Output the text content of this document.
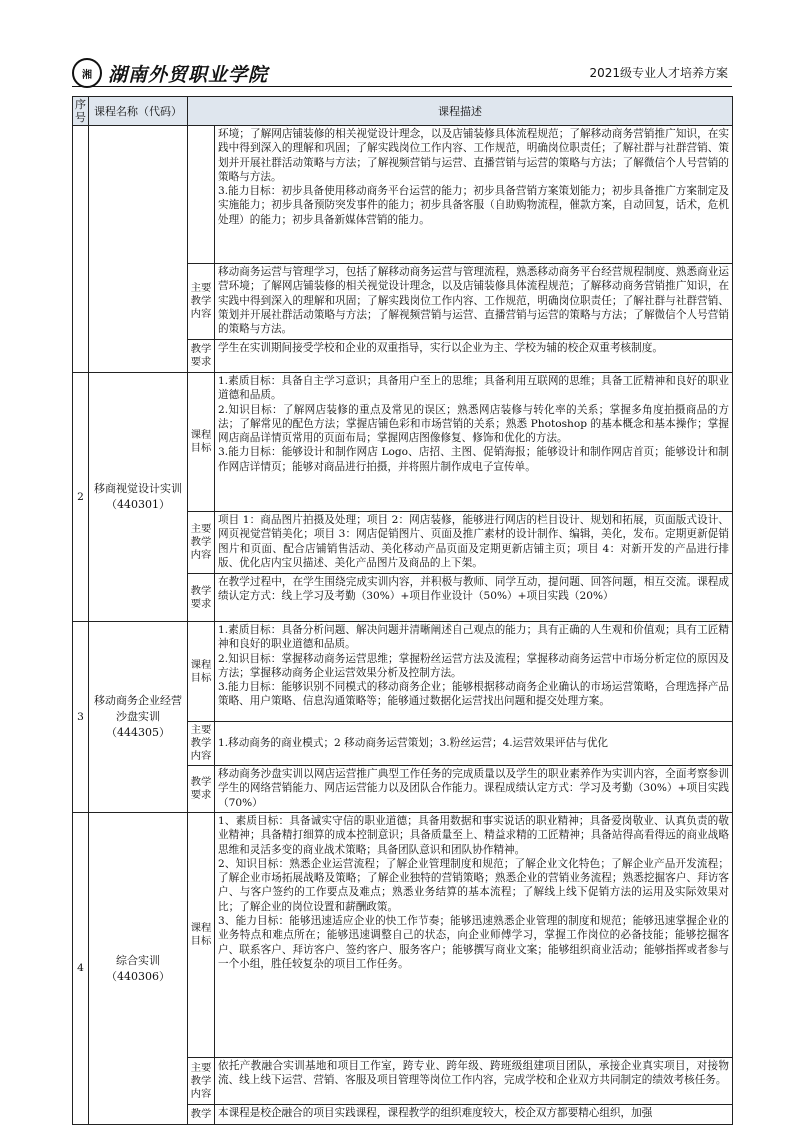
湘 湖南外贸职业学院	2021级专业人才培养方案
序号	课程名称（代码）	课程描述	

			环境；了解网店铺装修的相关视觉设计理念，以及店铺装修具体流程规范；了解移动商务营销推广知识，在实践中得到深入的理解和巩固；了解实践岗位工作内容、工作规范，明确岗位职责任；了解社群与社群营销、策划并开展社群活动策略与方法；了解视频营销与运营、直播营销与运营的策略与方法；了解微信个人号营销的策略与方法。

3.能力目标：初步具备使用移动商务平台运营的能力；初步具备营销方案策划能力；初步具备推广方案制定及实施能力；初步具备预防突发事件的能力；初步具备客服（自助购物流程，催款方案，自动回复，话术，危机处理）的能力；初步具备新媒体营销的能力。

		主要教学内容	移动商务运营与管理学习，包括了解移动商务运营与管理流程，熟悉移动商务平台经营规程制度、熟悉商业运营环境；了解网店铺装修的相关视觉设计理念，以及店铺装修具体流程规范；了解移动商务营销推广知识，在实践中得到深入的理解和巩固；了解实践岗位工作内容、工作规范，明确岗位职责任；了解社群与社群营销、策划并开展社群活动策略与方法；了解视频营销与运营、直播营销与运营的策略与方法；了解微信个人号营销的策略与方法。
		教学要求	学生在实训期间接受学校和企业的双重指导，实行以企业为主、学校为辅的校企双重考核制度。
2	移商视觉设计实训（440301）	课程目标	1.素质目标：具备自主学习意识；具备用户至上的思维；具备利用互联网的思维；具备工匠精神和良好的职业道德和品质。

2.知识目标：了解网店装修的重点及常见的误区；熟悉网店装修与转化率的关系；掌握多角度拍摄商品的方法；了解常见的配色方法；掌握店铺色彩和市场营销的关系；熟悉 Photoshop 的基本概念和基本操作；掌握网店商品详情页常用的页面布局；掌握网店图像修复、修饰和优化的方法。

3.能力目标：能够设计和制作网店 Logo、店招、主图、促销海报；能够设计和制作网店首页；能够设计和制作网店详情页；能够对商品进行拍摄，并将照片制作成电子宣传单。

		主要教学内容	项目 1：商品图片拍摄及处理；项目 2：网店装修，能够进行网店的栏目设计、规划和拓展，页面版式设计、网页视觉营销美化；项目 3：网店促销图片、页面及推广素材的设计制作、编辑，美化，发布。定期更新促销图片和页面、配合店铺销售活动、美化移动产品页面及定期更新店铺主页；项目 4：对新开发的产品进行排版、优化店内宝贝描述、美化产品图片及商品的上下架。
		教学要求	在教学过程中，在学生围绕完成实训内容，并积极与教师、同学互动，提问题、回答问题，相互交流。课程成绩认定方式：线上学习及考勤（30%）+项目作业设计（50%）+项目实践（20%）
3	移动商务企业经营沙盘实训（444305）	课程目标	1.素质目标：具备分析问题、解决问题并清晰阐述自己观点的能力；具有正确的人生观和价值观；具有工匠精神和良好的职业道德和品质。

2.知识目标：掌握移动商务运营思维；掌握粉丝运营方法及流程；掌握移动商务运营中市场分析定位的原因及方法；掌握移动商务企业运营效果分析及控制方法。

3.能力目标：能够识别不同模式的移动商务企业；能够根据移动商务企业确认的市场运营策略，合理选择产品策略、用户策略、信息沟通策略等；能够通过数据化运营找出问题和提交处理方案。

		主要教学内容	1.移动商务的商业模式；2 移动商务运营策划；3.粉丝运营；4.运营效果评估与优化
		教学要求	移动商务沙盘实训以网店运营推广典型工作任务的完成质量以及学生的职业素养作为实训内容，全面考察参训学生的网络营销能力、网店运营能力以及团队合作能力。课程成绩认定方式：学习及考勤（30%）+项目实践（70%）
4	综合实训（440306）	课程目标	1、素质目标：具备诚实守信的职业道德；具备用数据和事实说话的职业精神；具备爱岗敬业、认真负责的敬业精神；具备精打细算的成本控制意识；具备质量至上、精益求精的工匠精神；具备站得高看得远的商业战略思维和灵活多变的商业战术策略；具备团队意识和团队协作精神。

2、知识目标：熟悉企业运营流程；了解企业管理制度和规范；了解企业文化特色；了解企业产品开发流程；了解企业市场拓展战略及策略；了解企业独特的营销策略；熟悉企业的营销业务流程；熟悉挖掘客户、拜访客户、与客户签约的工作要点及难点；熟悉业务结算的基本流程；了解线上线下促销方法的运用及实际效果对比；了解企业的岗位设置和薪酬政策。

3、能力目标：能够迅速适应企业的快工作节奏；能够迅速熟悉企业管理的制度和规范；能够迅速掌握企业的业务特点和难点所在；能够迅速调整自己的状态，向企业师傅学习，掌握工作岗位的必备技能；能够挖掘客户、联系客户、拜访客户、签约客户、服务客户；能够撰写商业文案；能够组织商业活动；能够指挥或者参与一个小组，胜任较复杂的项目工作任务。

		主要教学内容	依托产教融合实训基地和项目工作室，跨专业、跨年级、跨班级组建项目团队，承接企业真实项目，对接物流、线上线下运营、营销、客服及项目管理等岗位工作内容，完成学校和企业双方共同制定的绩效考核任务。
		教学	本课程是校企融合的项目实践课程，课程教学的组织难度较大，校企双方都要精心组织，加强
